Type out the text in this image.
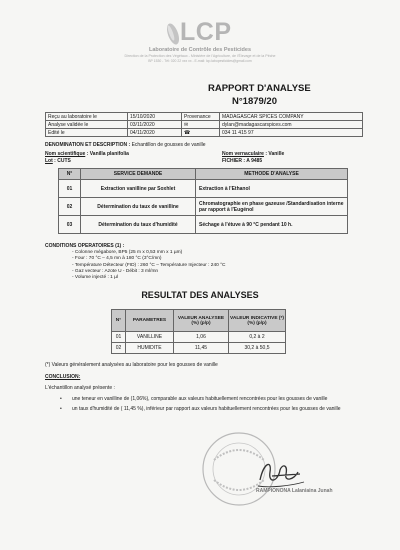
LCP
Laboratoire de Contrôle des Pesticides
Direction de la Protection des Végétaux - Ministère de l'Agriculture, de l'Élevage et de la Pêche
BP 1530 - Tél: 020 22 xxx xx - E-mail: lcp.labopesticides@gmail.com
RAPPORT D'ANALYSE
N°1879/20
Reçu au laboratoire le	15/10/2020	Provenance	MADAGASCAR SPICES COMPANY
Analyse validée le	03/11/2020	✉	dylan@madagascarspices.com
Edité le	04/11/2020	☎	034 11 415 97
DENOMINATION ET DESCRIPTION : Echantillon de gousses de vanille
Nom scientifique : Vanilla planifolia
Lot : CUTS
Nom vernaculaire : Vanille
FICHIER : A 9485
N°	SERVICE DEMANDE	METHODE D'ANALYSE
01	Extraction vanilline par Soxhlet	Extraction à l'Ethanol
02	Détermination du taux de vanilline	Chromatographie en phase gazeuse /Standardisation interne par rapport à l'Eugénol
03	Détermination du taux d'humidité	Séchage à l'étuve à 90 °C pendant 10 h.
CONDITIONS OPERATOIRES (1) :
- Colonne mégabore, BP5 (25 m x 0,53 mm x 1 µm)
- Four : 70 °C – 4,5 mn à 180 °C (3°C/mn)
- Température Détecteur (FID) : 260 °C – Température Injecteur : 240 °C
- Gaz vecteur : Azote U - Débit : 3 ml/mn
- Volume injecté : 1 µl
RESULTAT DES ANALYSES
N°	PARAMETRES	VALEUR ANALYSEE (%) (p/p)	VALEUR INDICATIVE (*) (%) (p/p)
01	VANILLINE	1,06	0,2 à 2
02	HUMIDITE	11,45	30,2 à 50,5
(*) Valeurs généralement analysées au laboratoire pour les gousses de vanille
CONCLUSION:
L'échantillon analysé présente :
• une teneur en vanilline de (1,06%), comparable aux valeurs habituellement rencontrées pour les gousses de vanille
• un taux d'humidité de ( 11,45 %), inférieur par rapport aux valeurs habituellement rencontrées pour les gousses de vanille
RAMPIONONA Lalaniaina Junah
